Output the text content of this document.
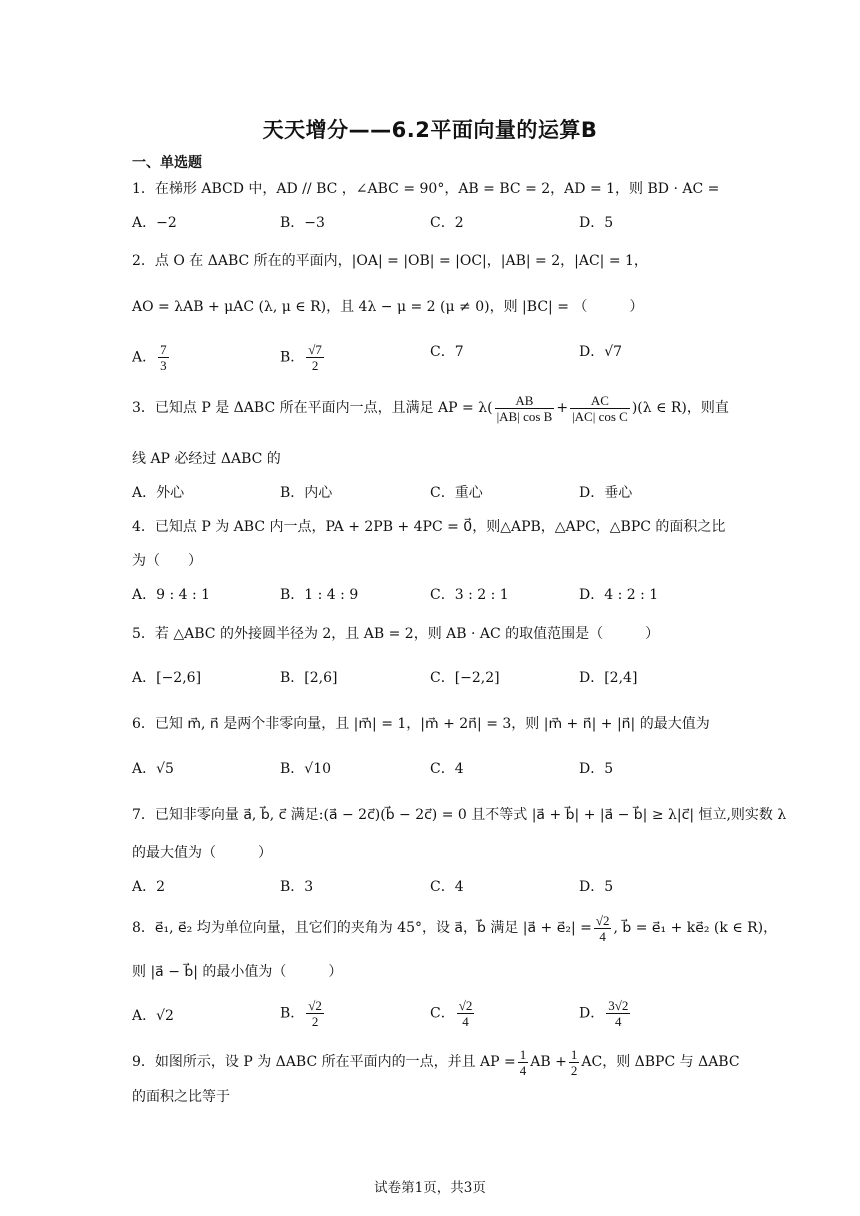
天天增分——6.2平面向量的运算B
一、单选题
1．在梯形 ABCD 中，AD // BC ，∠ABC = 90°，AB = BC = 2，AD = 1，则 BD · AC =
A．−2	B．−3	C．2	D．5
2．点 O 在 ΔABC 所在的平面内，|OA| = |OB| = |OC|，|AB| = 2，|AC| = 1，
AO = λAB + μAC (λ, μ ∈ R)，且 4λ − μ = 2 (μ ≠ 0)，则 |BC| = （　　　）
A． $\frac{7}{3}$	B． $\frac{√7}{2}$	C．7	D．√7
3．已知点 P 是 ΔABC 所在平面内一点，且满足 AP = $\lambda( \frac{AB}{\text{|AB| cos B}} + \frac{AC}{\text{|AC| cos C}} )(\lambda$ ∈ R)，则直
线 AP 必经过 ΔABC 的
A．外心	B．内心	C．重心	D．垂心
4．已知点 P 为 ABC 内一点，PA + 2PB + 4PC = 0⃗，则△APB，△APC，△BPC 的面积之比
为（　　）
A．9 : 4 : 1	B．1 : 4 : 9	C．3 : 2 : 1	D．4 : 2 : 1
5．若 △ABC 的外接圆半径为 2，且 AB = 2，则 AB · AC 的取值范围是（　　　）
A．[−2,6]	B．[2,6]	C．[−2,2]	D．[2,4]
6．已知 m⃗, n⃗ 是两个非零向量，且 |m⃗| = 1，|m⃗ + 2n⃗| = 3，则 |m⃗ + n⃗| + |n⃗| 的最大值为
A．√5	B．√10	C．4	D．5
7．已知非零向量 a⃗, b⃗, c⃗ 满足:(a⃗ − 2c⃗)(b⃗ − 2c⃗) = 0 且不等式 |a⃗ + b⃗| + |a⃗ − b⃗| ≥ λ|c⃗| 恒立,则实数 λ
的最大值为（　　　）
A．2	B．3	C．4	D．5
8．e⃗₁, e⃗₂ 均为单位向量，且它们的夹角为 45°，设 a⃗，b⃗ 满足 |a⃗ + e⃗₂| = $\frac{√2}{4}$ , b⃗ = e⃗₁ + ke⃗₂ (k ∈ R)，
则 |a⃗ − b⃗| 的最小值为（　　　）
A．√2	B． $\frac{√2}{2}$	C． $\frac{√2}{4}$	D． $\frac{3√2}{4}$
9．如图所示，设 P 为 ΔABC 所在平面内的一点，并且 AP = $\frac{1}{4}$ AB + $\frac{1}{2}$ AC，则 ΔBPC 与 ΔABC
的面积之比等于
试卷第1页，共3页
